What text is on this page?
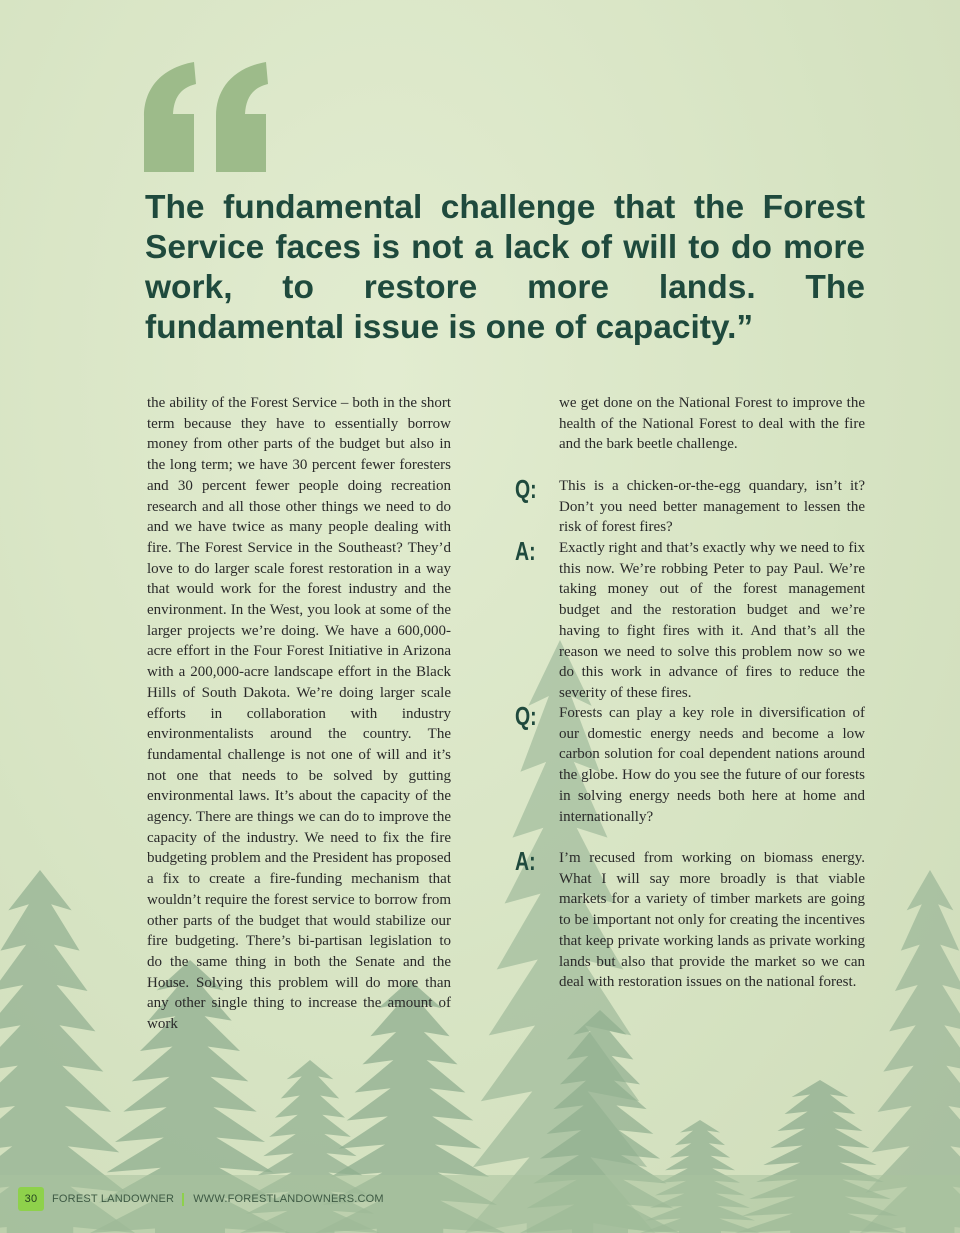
The fundamental challenge that the Forest Service faces is not a lack of will to do more work, to restore more lands. The fundamental issue is one of capacity.”

the ability of the Forest Service – both in the short term because they have to essentially borrow money from other parts of the budget but also in the long term; we have 30 percent fewer foresters and 30 percent fewer people doing recreation research and all those other things we need to do and we have twice as many people dealing with fire. The Forest Service in the Southeast? They’d love to do larger scale forest restoration in a way that would work for the forest industry and the environment. In the West, you look at some of the larger projects we’re doing. We have a 600,000-acre effort in the Four Forest Initiative in Arizona with a 200,000-acre landscape effort in the Black Hills of South Dakota. We’re doing larger scale efforts in collaboration with industry environmentalists around the country. The fundamental challenge is not one of will and it’s not one that needs to be solved by gutting environmental laws. It’s about the capacity of the agency. There are things we can do to improve the capacity of the industry. We need to fix the fire budgeting problem and the President has proposed a fix to create a fire-funding mechanism that wouldn’t require the forest service to borrow from other parts of the budget that would stabilize our fire budgeting. There’s bi-partisan legislation to do the same thing in both the Senate and the House. Solving this problem will do more than any other single thing to increase the amount of work

we get done on the National Forest to improve the health of the National Forest to deal with the fire and the bark beetle challenge.

Q: This is a chicken-or-the-egg quandary, isn’t it? Don’t you need better management to lessen the risk of forest fires?

A: Exactly right and that’s exactly why we need to fix this now. We’re robbing Peter to pay Paul. We’re taking money out of the forest management budget and the restoration budget and we’re having to fight fires with it. And that’s all the reason we need to solve this problem now so we do this work in advance of fires to reduce the severity of these fires.

Q: Forests can play a key role in diversification of our domestic energy needs and become a low carbon solution for coal dependent nations around the globe. How do you see the future of our forests in solving energy needs both here at home and internationally?

A: I’m recused from working on biomass energy. What I will say more broadly is that viable markets for a variety of timber markets are going to be important not only for creating the incentives that keep private working lands as private working lands but also that provide the market so we can deal with restoration issues on the national forest.

30	FOREST LANDOWNER WWW.FORESTLANDOWNERS.COM
